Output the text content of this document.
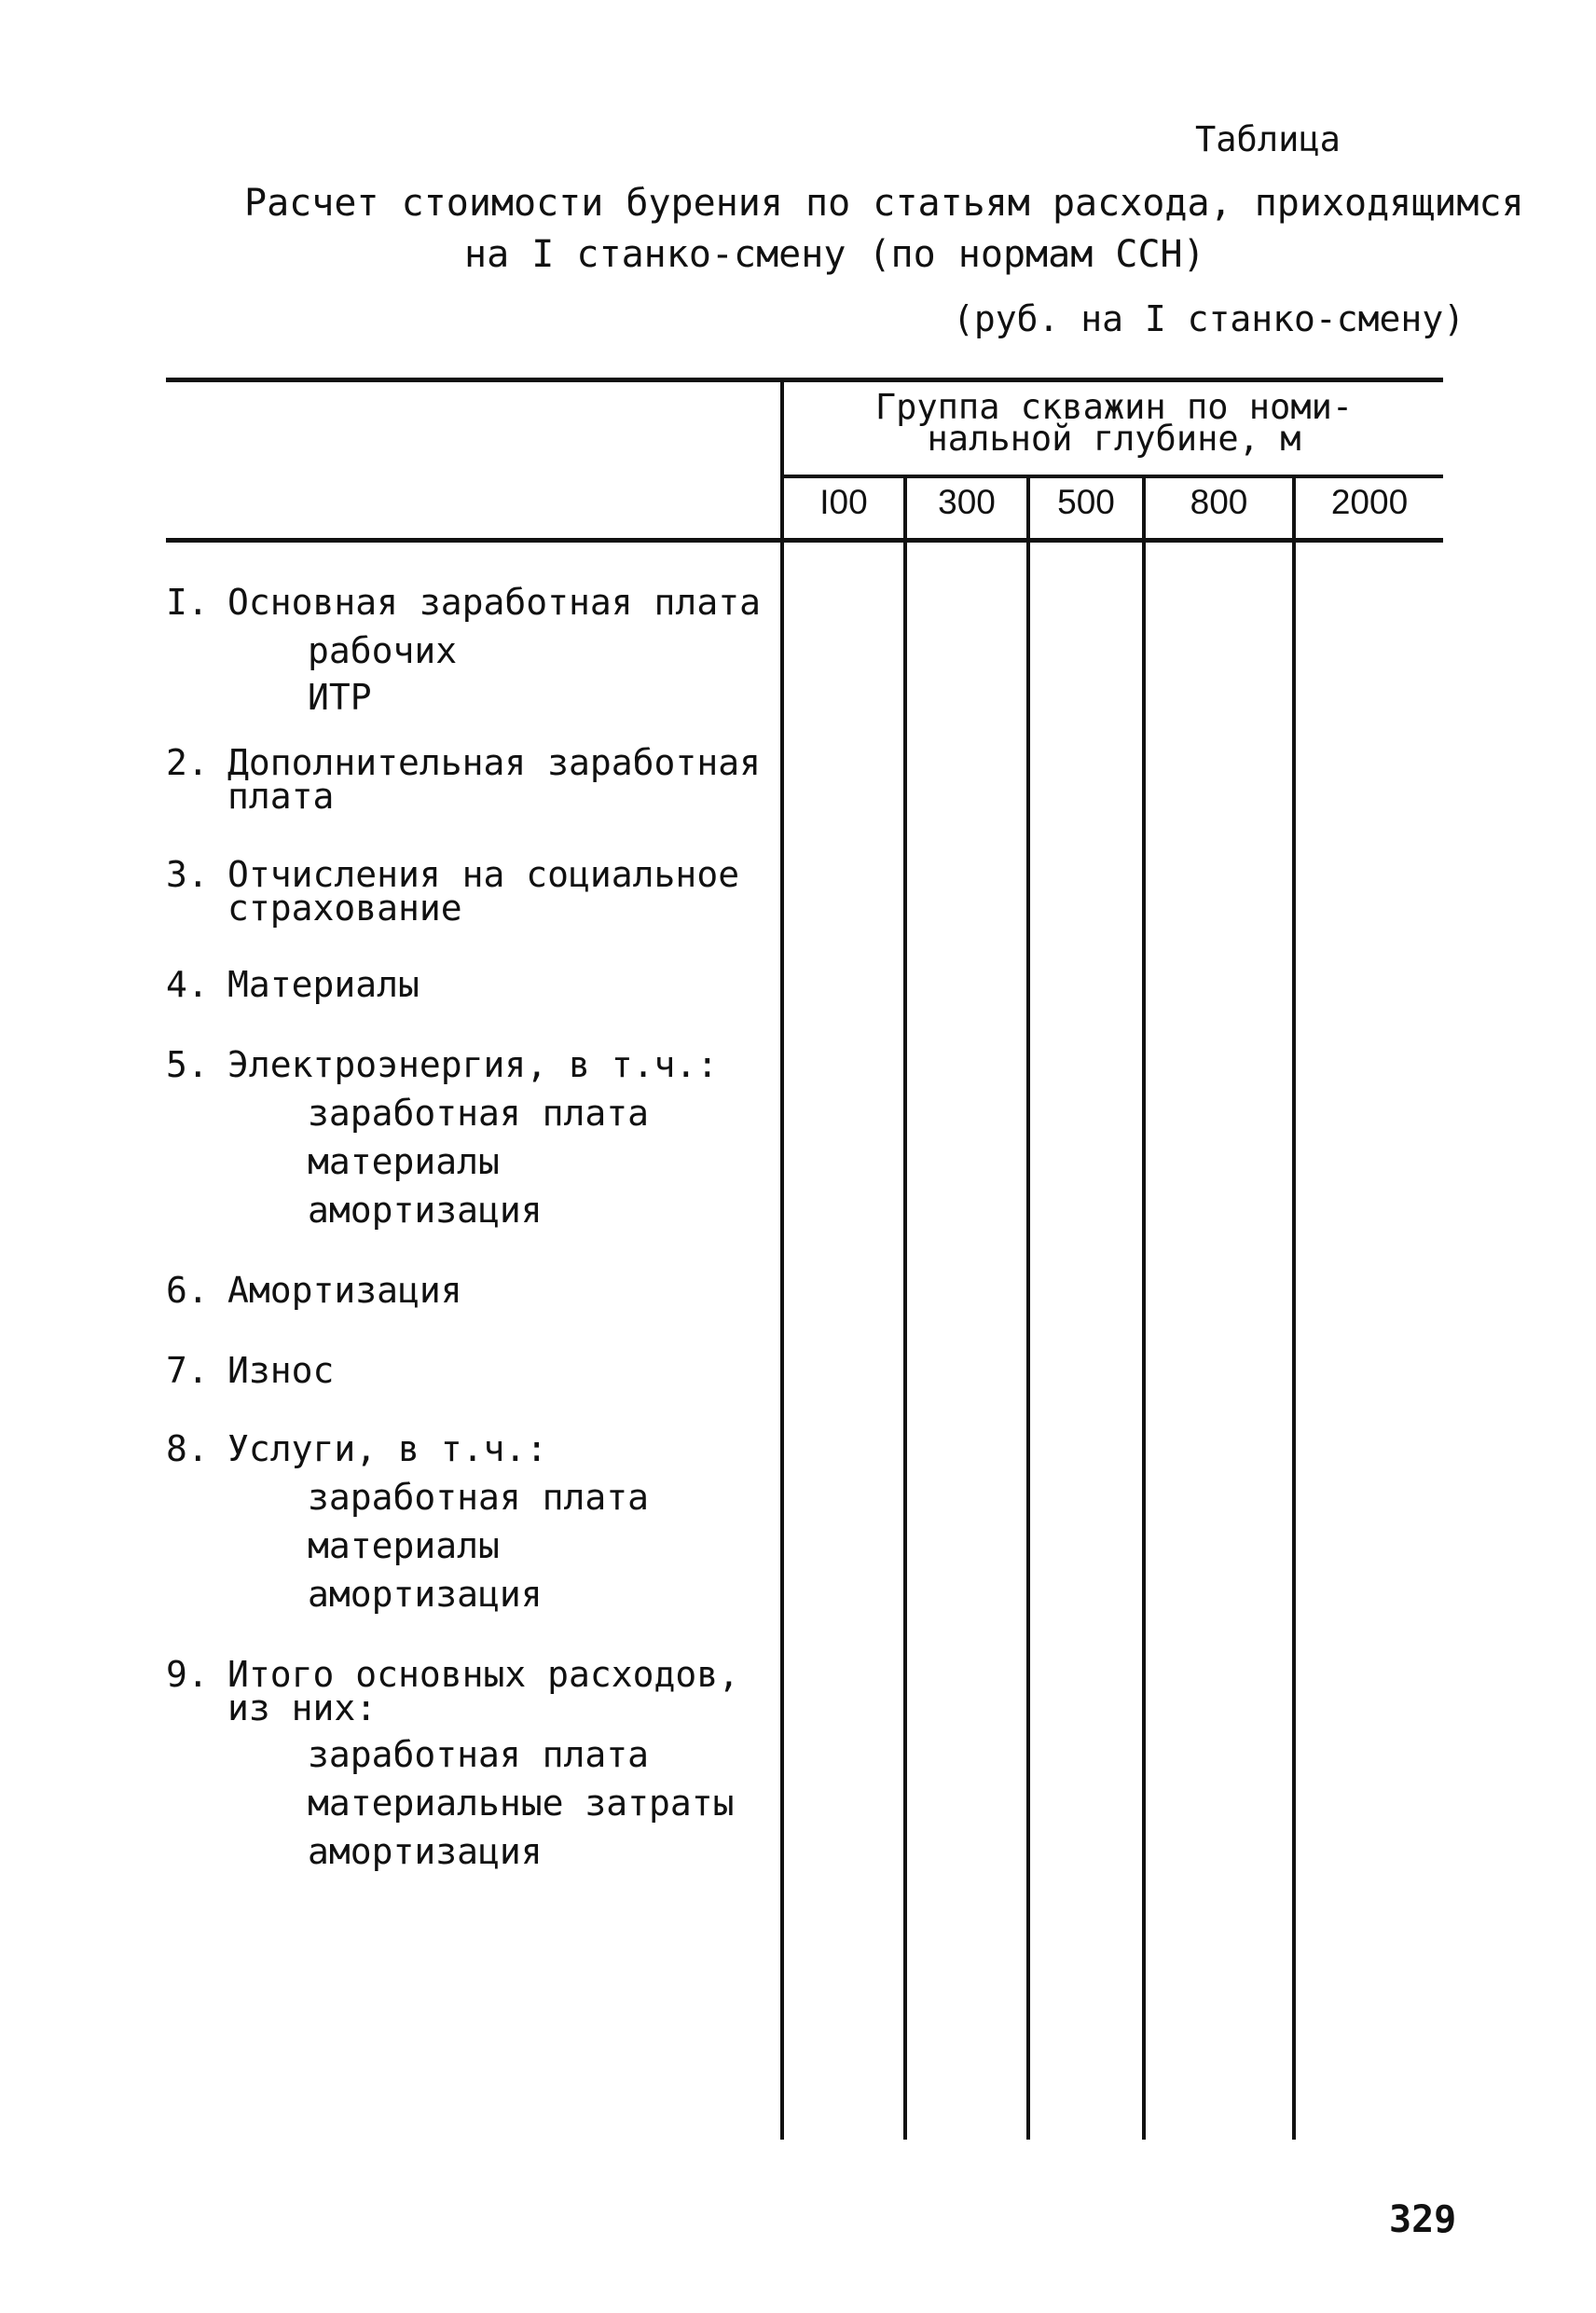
Таблица
Расчет стоимости бурения по статьям расхода, приходящимся
на I станко-смену (по нормам ССН)
(руб. на I станко-смену)
Группа скважин по номи-
нальной глубине, м
I00	300	500	800	2000
I. Основная заработная плата
рабочих
ИТР
2. Дополнительная заработная
плата
3. Отчисления на социальное
страхование
4. Материалы
5. Электроэнергия, в т.ч.:
заработная плата
материалы
амортизация
6. Амортизация
7. Износ
8. Услуги, в т.ч.:
заработная плата
материалы
амортизация
9. Итого основных расходов,
из них:
заработная плата
материальные затраты
амортизация
329
